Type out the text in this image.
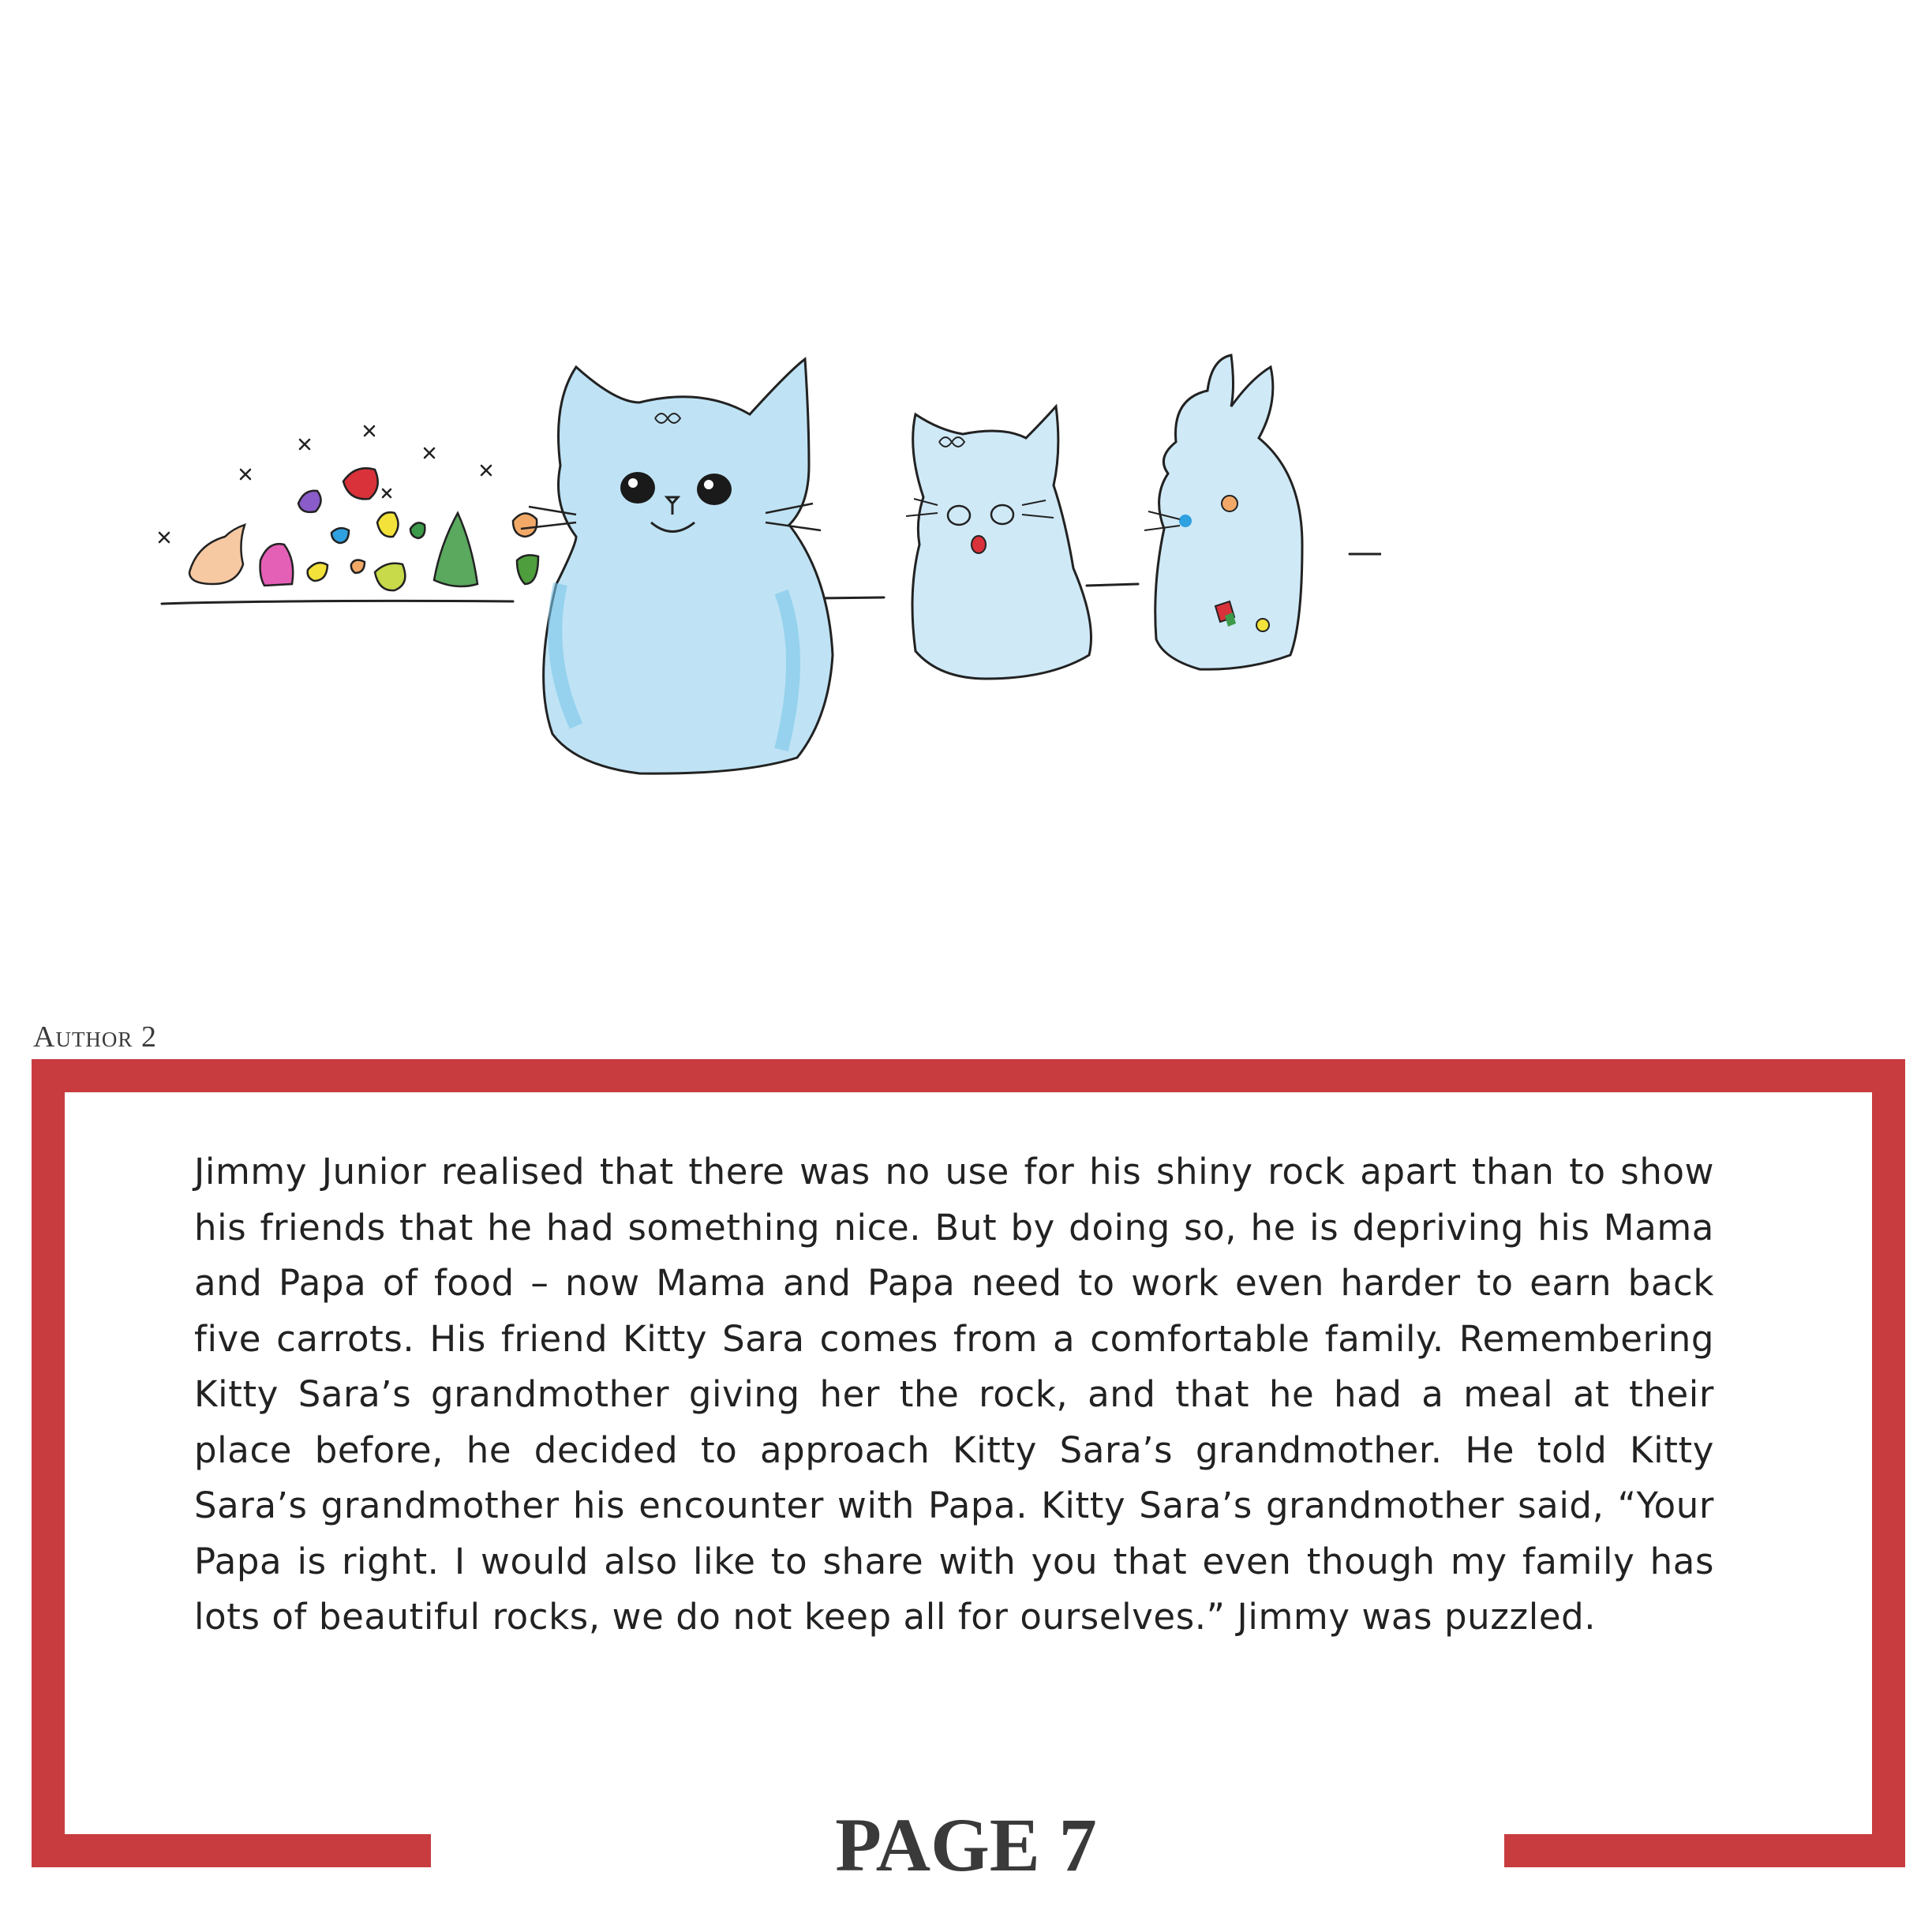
Author 2
Jimmy Junior realised that there was no use for his shiny rock apart than to show his friends that he had something nice. But by doing so, he is depriving his Mama and Papa of food – now Mama and Papa need to work even harder to earn back five carrots. His friend Kitty Sara comes from a comfortable family. Remembering Kitty Sara’s grandmother giving her the rock, and that he had a meal at their place before, he decided to approach Kitty Sara’s grandmother. He told Kitty Sara’s grandmother his encounter with Papa. Kitty Sara’s grandmother said, “Your Papa is right. I would also like to share with you that even though my family has lots of beautiful rocks, we do not keep all for ourselves.” Jimmy was puzzled.
PAGE 7
